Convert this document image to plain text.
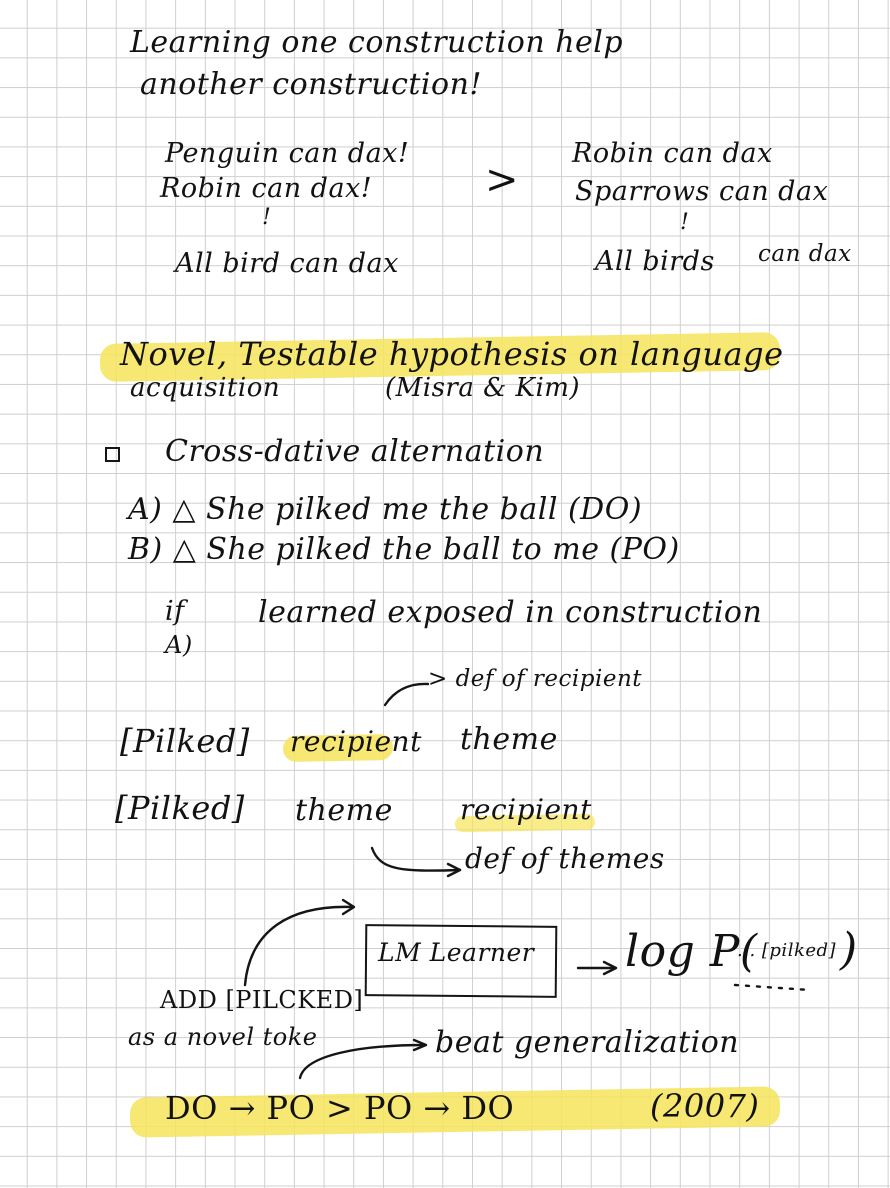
Learning one construction help
another construction!
Penguin can dax!
Robin can dax!
!
All bird can dax
>
Robin can dax
Sparrows can dax
!
All birds can dax
Novel, Testable hypothesis on language
acquisition	(Misra & Kim)
Cross-dative alternation
A) △ She pilked me the ball (DO)
B) △ She pilked the ball to me (PO)
if
A)
learned exposed in construction
> def of recipient
[Pilked] recipient theme
[Pilked] theme recipient
def of themes
LM Learner log P(
... [pilked] )
ADD [PILCKED]
as a novel toke	beat generalization
DO → PO > PO → DO	(2007)
